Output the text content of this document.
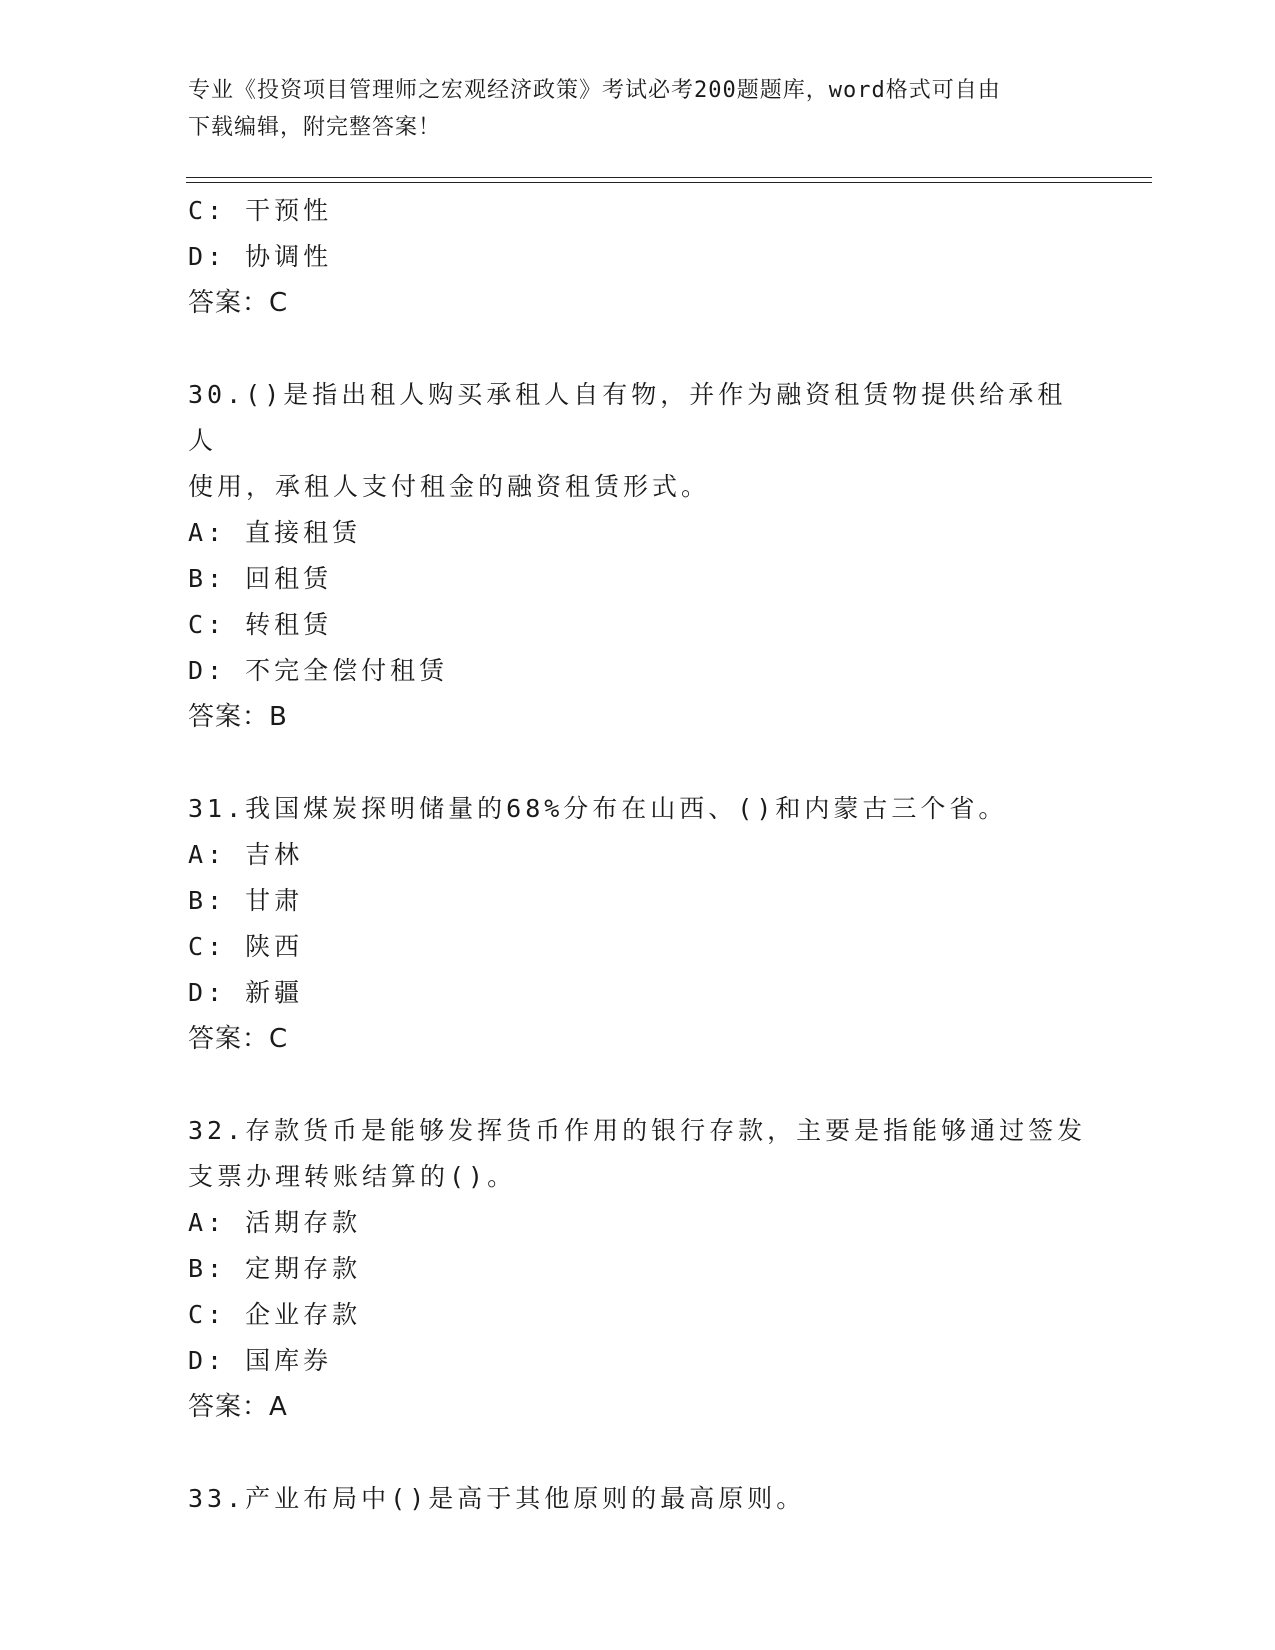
专业《投资项目管理师之宏观经济政策》考试必考200题题库，word格式可自由
下载编辑，附完整答案！
C: 干预性
D: 协调性
答案：C
30.()是指出租人购买承租人自有物，并作为融资租赁物提供给承租人
使用，承租人支付租金的融资租赁形式。
A: 直接租赁
B: 回租赁
C: 转租赁
D: 不完全偿付租赁
答案：B
31.我国煤炭探明储量的68%分布在山西、()和内蒙古三个省。
A: 吉林
B: 甘肃
C: 陕西
D: 新疆
答案：C
32.存款货币是能够发挥货币作用的银行存款，主要是指能够通过签发
支票办理转账结算的()。
A: 活期存款
B: 定期存款
C: 企业存款
D: 国库券
答案：A
33.产业布局中()是高于其他原则的最高原则。
